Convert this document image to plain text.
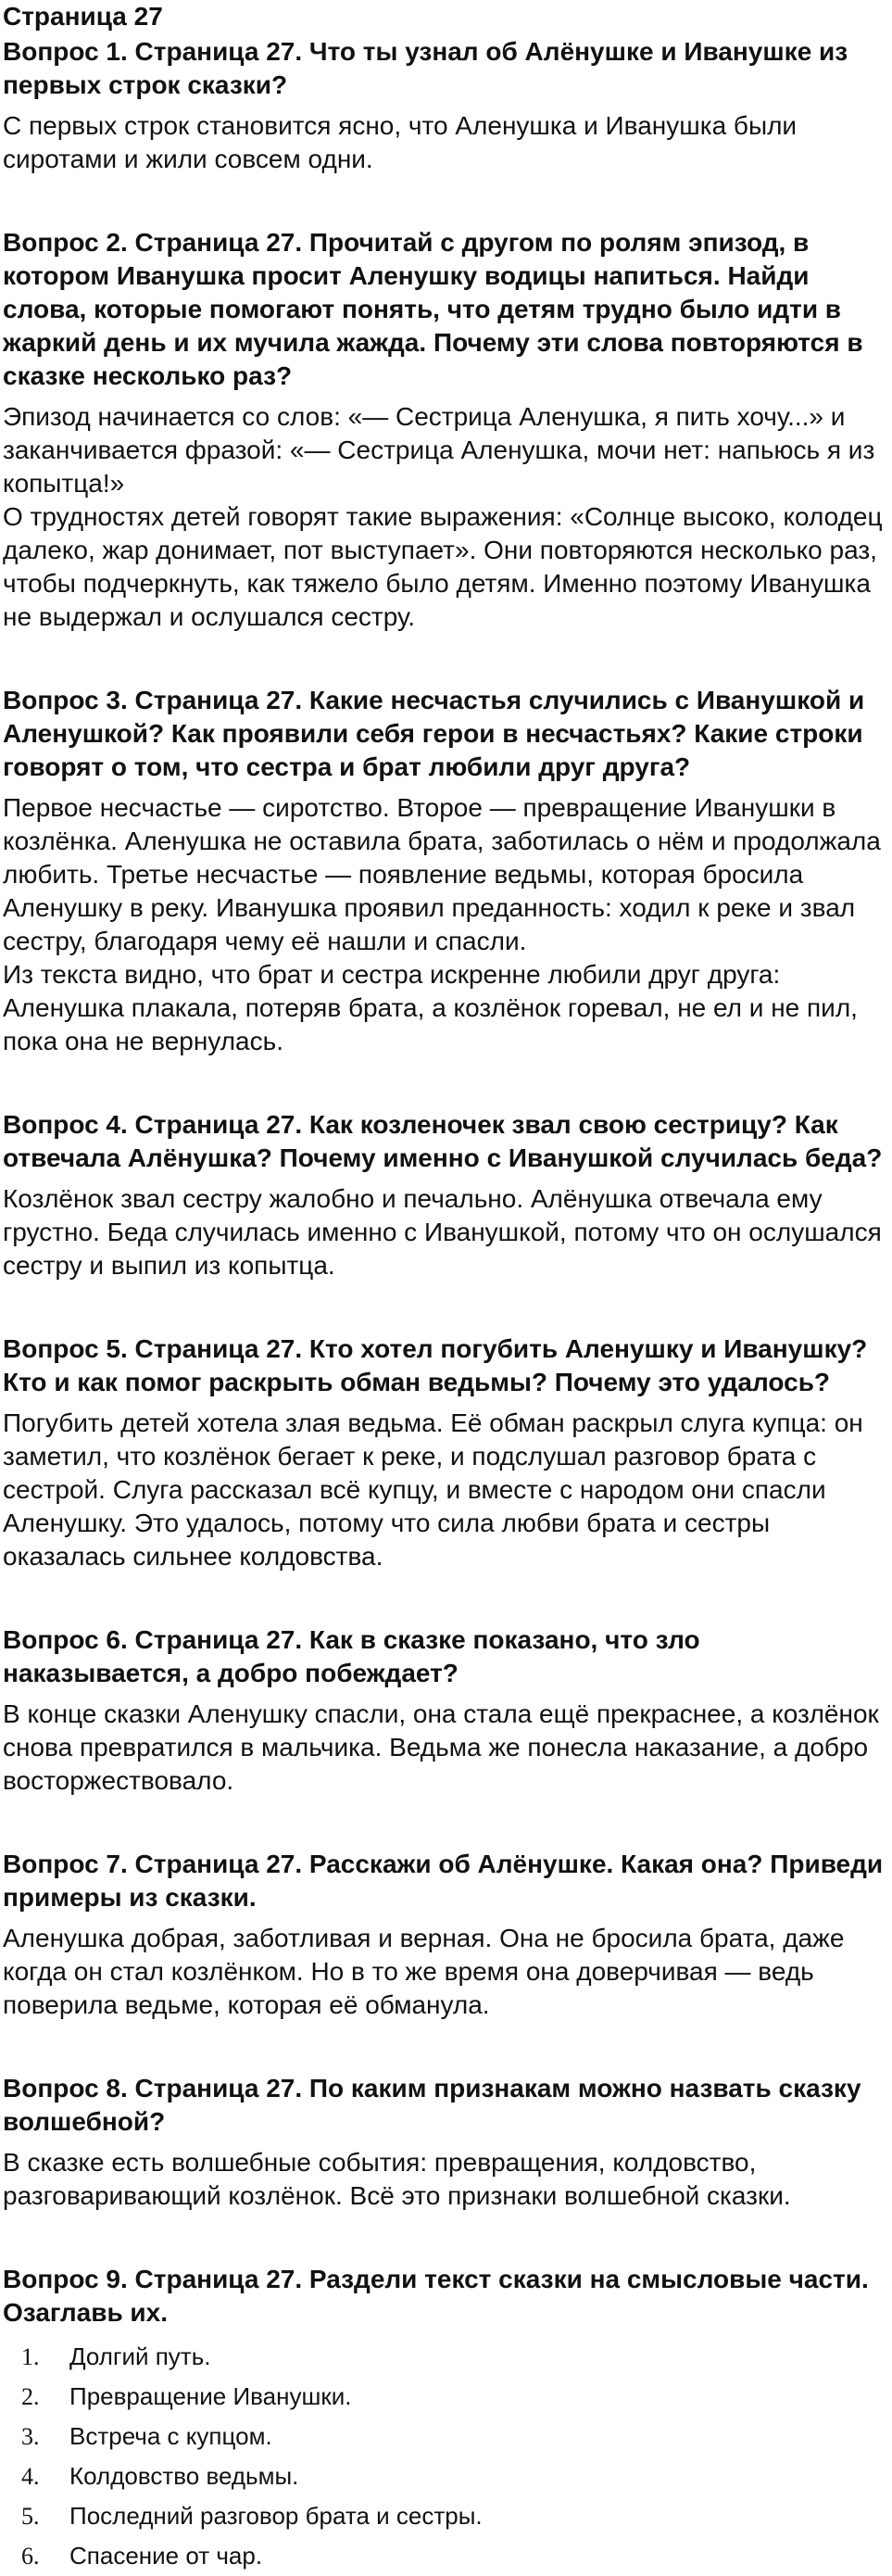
Страница 27
Вопрос 1. Страница 27. Что ты узнал об Алёнушке и Иванушке из первых строк сказки?

С первых строк становится ясно, что Аленушка и Иванушка были сиротами и жили совсем одни.

Вопрос 2. Страница 27. Прочитай с другом по ролям эпизод, в котором Иванушка просит Аленушку водицы напиться. Найди слова, которые помогают понять, что детям трудно было идти в жаркий день и их мучила жажда. Почему эти слова повторяются в сказке несколько раз?

Эпизод начинается со слов: «— Сестрица Аленушка, я пить хочу...» и заканчивается фразой: «— Сестрица Аленушка, мочи нет: напьюсь я из копытца!»

О трудностях детей говорят такие выражения: «Солнце высоко, колодец далеко, жар донимает, пот выступает». Они повторяются несколько раз, чтобы подчеркнуть, как тяжело было детям. Именно поэтому Иванушка не выдержал и ослушался сестру.

Вопрос 3. Страница 27. Какие несчастья случились с Иванушкой и Аленушкой? Как проявили себя герои в несчастьях? Какие строки говорят о том, что сестра и брат любили друг друга?

Первое несчастье — сиротство. Второе — превращение Иванушки в козлёнка. Аленушка не оставила брата, заботилась о нём и продолжала любить. Третье несчастье — появление ведьмы, которая бросила Аленушку в реку. Иванушка проявил преданность: ходил к реке и звал сестру, благодаря чему её нашли и спасли.

Из текста видно, что брат и сестра искренне любили друг друга: Аленушка плакала, потеряв брата, а козлёнок горевал, не ел и не пил, пока она не вернулась.

Вопрос 4. Страница 27. Как козленочек звал свою сестрицу? Как отвечала Алёнушка? Почему именно с Иванушкой случилась беда?

Козлёнок звал сестру жалобно и печально. Алёнушка отвечала ему грустно. Беда случилась именно с Иванушкой, потому что он ослушался сестру и выпил из копытца.

Вопрос 5. Страница 27. Кто хотел погубить Аленушку и Иванушку? Кто и как помог раскрыть обман ведьмы? Почему это удалось?

Погубить детей хотела злая ведьма. Её обман раскрыл слуга купца: он заметил, что козлёнок бегает к реке, и подслушал разговор брата с сестрой. Слуга рассказал всё купцу, и вместе с народом они спасли Аленушку. Это удалось, потому что сила любви брата и сестры оказалась сильнее колдовства.

Вопрос 6. Страница 27. Как в сказке показано, что зло наказывается, а добро побеждает?

В конце сказки Аленушку спасли, она стала ещё прекраснее, а козлёнок снова превратился в мальчика. Ведьма же понесла наказание, а добро восторжествовало.

Вопрос 7. Страница 27. Расскажи об Алёнушке. Какая она? Приведи примеры из сказки.

Аленушка добрая, заботливая и верная. Она не бросила брата, даже когда он стал козлёнком. Но в то же время она доверчивая — ведь поверила ведьме, которая её обманула.

Вопрос 8. Страница 27. По каким признакам можно назвать сказку волшебной?

В сказке есть волшебные события: превращения, колдовство, разговаривающий козлёнок. Всё это признаки волшебной сказки.

Вопрос 9. Страница 27. Раздели текст сказки на смысловые части. Озаглавь их.
1.	Долгий путь.
2.	Превращение Иванушки.
3.	Встреча с купцом.
4.	Колдовство ведьмы.
5.	Последний разговор брата и сестры.
6.	Спасение от чар.
